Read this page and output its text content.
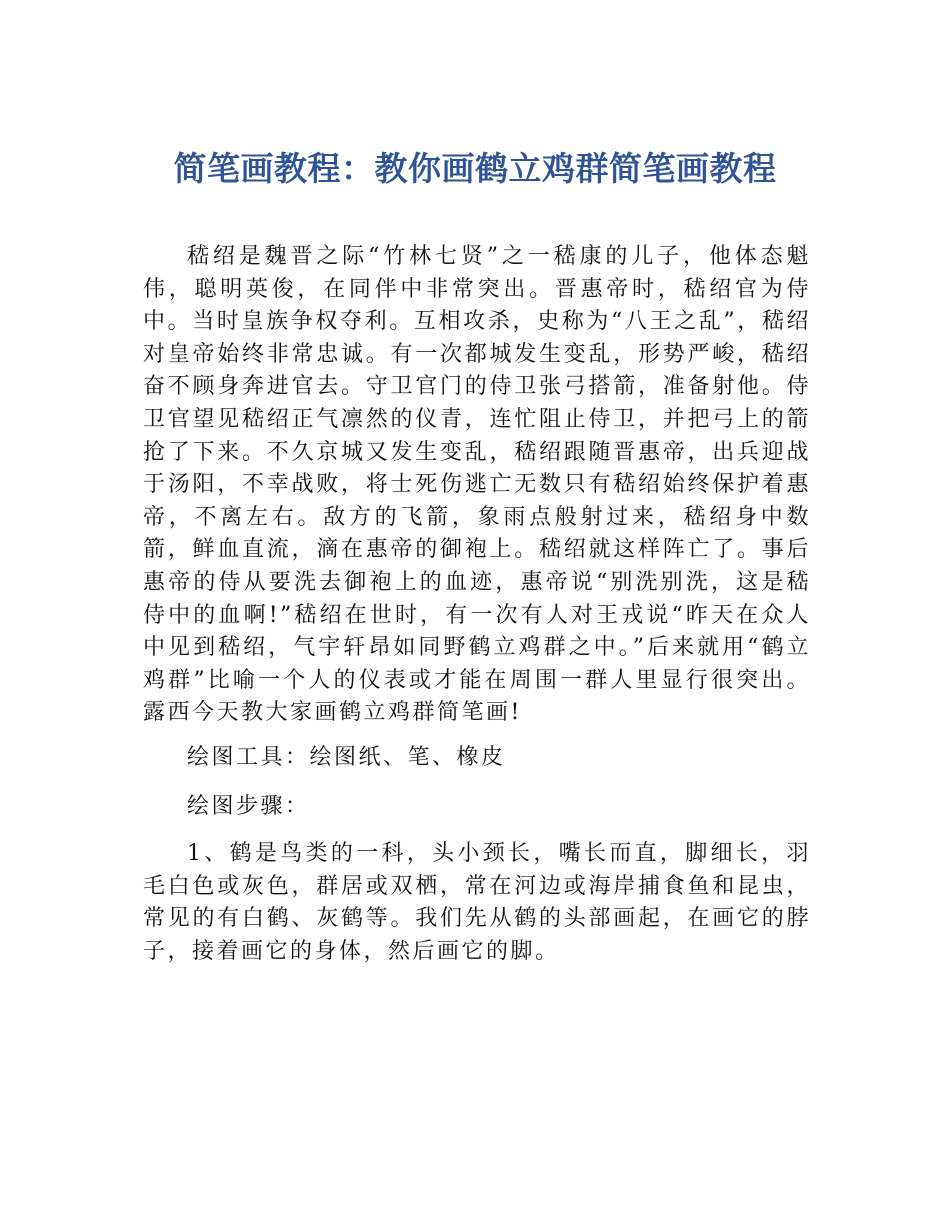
简笔画教程：教你画鹤立鸡群简笔画教程

嵇绍是魏晋之际“竹林七贤”之一嵇康的儿子，他体态魁伟，聪明英俊，在同伴中非常突出。晋惠帝时，嵇绍官为侍中。当时皇族争权夺利。互相攻杀，史称为“八王之乱”，嵇绍对皇帝始终非常忠诚。有一次都城发生变乱，形势严峻，嵇绍奋不顾身奔进官去。守卫官门的侍卫张弓搭箭，准备射他。侍卫官望见嵇绍正气凛然的仪青，连忙阻止侍卫，并把弓上的箭抢了下来。不久京城又发生变乱，嵇绍跟随晋惠帝，出兵迎战于汤阳，不幸战败，将士死伤逃亡无数只有嵇绍始终保护着惠帝，不离左右。敌方的飞箭，象雨点般射过来，嵇绍身中数箭，鲜血直流，滴在惠帝的御袍上。嵇绍就这样阵亡了。事后惠帝的侍从要洗去御袍上的血迹，惠帝说“别洗别洗，这是嵇侍中的血啊!”嵇绍在世时，有一次有人对王戎说“昨天在众人中见到嵇绍，气宇轩昂如同野鹤立鸡群之中。”后来就用“鹤立鸡群”比喻一个人的仪表或才能在周围一群人里显行很突出。露西今天教大家画鹤立鸡群简笔画!

绘图工具：绘图纸、笔、橡皮

绘图步骤：

1、鹤是鸟类的一科，头小颈长，嘴长而直，脚细长，羽毛白色或灰色，群居或双栖，常在河边或海岸捕食鱼和昆虫，常见的有白鹤、灰鹤等。我们先从鹤的头部画起，在画它的脖子，接着画它的身体，然后画它的脚。
